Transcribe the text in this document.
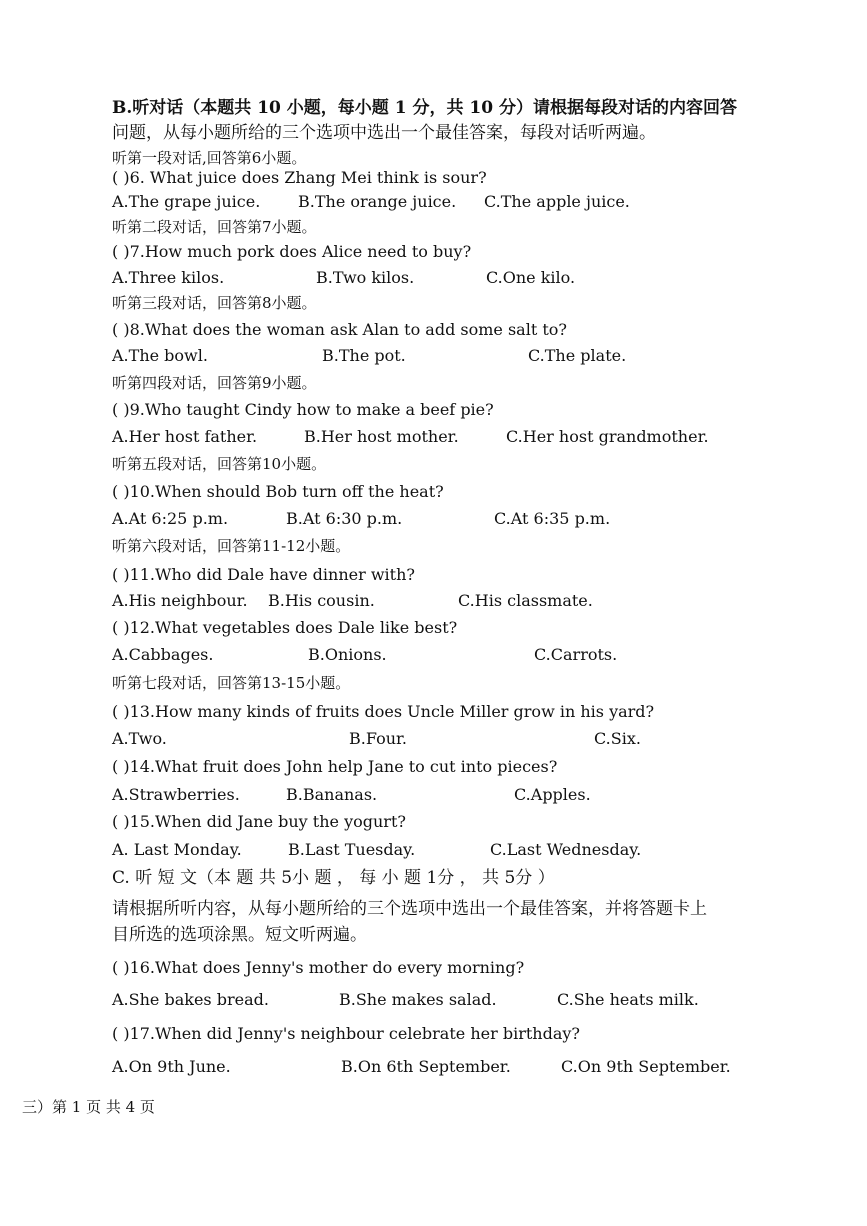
B.听对话（本题共 10 小题，每小题 1 分，共 10 分）请根据每段对话的内容回答
问题，从每小题所给的三个选项中选出一个最佳答案，每段对话听两遍。
听第一段对话,回答第6小题。
( )6. What juice does Zhang Mei think is sour?
A.The grape juice. B.The orange juice. C.The apple juice.
听第二段对话，回答第7小题。
( )7.How much pork does Alice need to buy?
A.Three kilos.	B.Two kilos.	C.One kilo.
听第三段对话，回答第8小题。
( )8.What does the woman ask Alan to add some salt to?
A.The bowl.	B.The pot.	C.The plate.
听第四段对话，回答第9小题。
( )9.Who taught Cindy how to make a beef pie?
A.Her host father.	B.Her host mother.	C.Her host grandmother.
听第五段对话，回答第10小题。
( )10.When should Bob turn off the heat?
A.At 6:25 p.m.	B.At 6:30 p.m.	C.At 6:35 p.m.
听第六段对话，回答第11-12小题。
( )11.Who did Dale have dinner with?
A.His neighbour. B.His cousin.	C.His classmate.
( )12.What vegetables does Dale like best?
A.Cabbages.	B.Onions.	C.Carrots.
听第七段对话，回答第13-15小题。
( )13.How many kinds of fruits does Uncle Miller grow in his yard?
A.Two.	B.Four.	C.Six.
( )14.What fruit does John help Jane to cut into pieces?
A.Strawberries.	B.Bananas.	C.Apples.
( )15.When did Jane buy the yogurt?
A. Last Monday.	B.Last Tuesday.	C.Last Wednesday.
C. 听 短 文（本 题 共 5小 题 ， 每 小 题 1分 ， 共 5分 ）
请根据所听内容，从每小题所给的三个选项中选出一个最佳答案，并将答题卡上
目所选的选项涂黑。短文听两遍。
( )16.What does Jenny's mother do every morning?
A.She bakes bread.	B.She makes salad.	C.She heats milk.
( )17.When did Jenny's neighbour celebrate her birthday?
A.On 9th June.	B.On 6th September.	C.On 9th September.
三）第 1 页 共 4 页
